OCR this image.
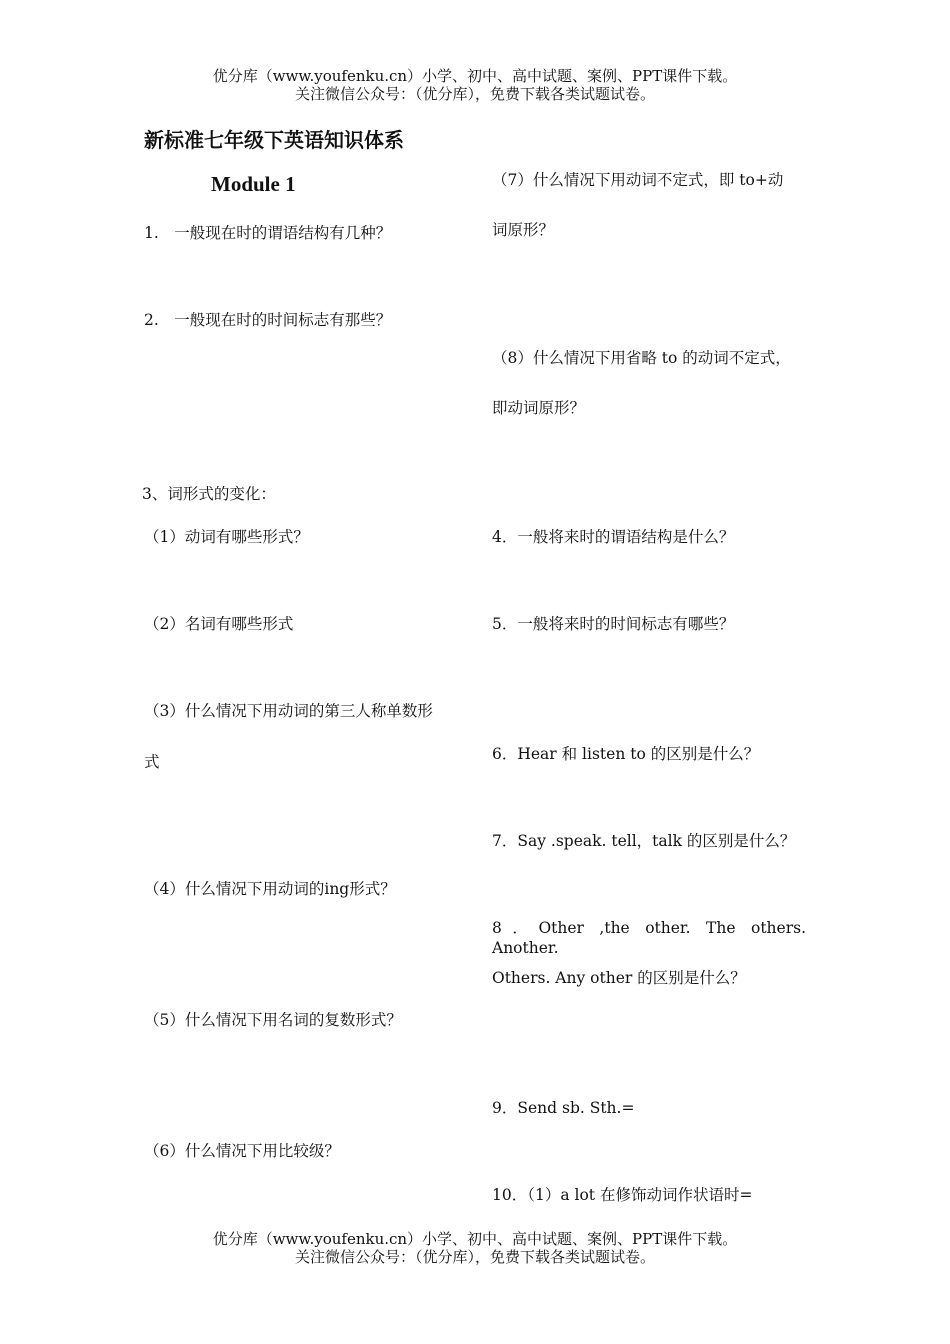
优分库（www.youfenku.cn）小学、初中、高中试题、案例、PPT课件下载。
关注微信公众号：（优分库），免费下载各类试题试卷。
新标准七年级下英语知识体系
Module 1
1.　一般现在时的谓语结构有几种？
2.　一般现在时的时间标志有那些？
3、词形式的变化：
（1）动词有哪些形式？
（2）名词有哪些形式
（3）什么情况下用动词的第三人称单数形
式
（4）什么情况下用动词的ing形式？
（5）什么情况下用名词的复数形式？
（6）什么情况下用比较级？
（7）什么情况下用动词不定式，即 to+动
词原形？
（8）什么情况下用省略 to 的动词不定式，
即动词原形？
4．一般将来时的谓语结构是什么？
5．一般将来时的时间标志有哪些？
6．Hear 和 listen to 的区别是什么？
7．Say .speak. tell，talk 的区别是什么？
8．Other ,the other. The others. Another.
Others. Any other 的区别是什么？
9．Send sb. Sth.=
10．（1）a lot 在修饰动词作状语时=
优分库（www.youfenku.cn）小学、初中、高中试题、案例、PPT课件下载。
关注微信公众号：（优分库），免费下载各类试题试卷。
